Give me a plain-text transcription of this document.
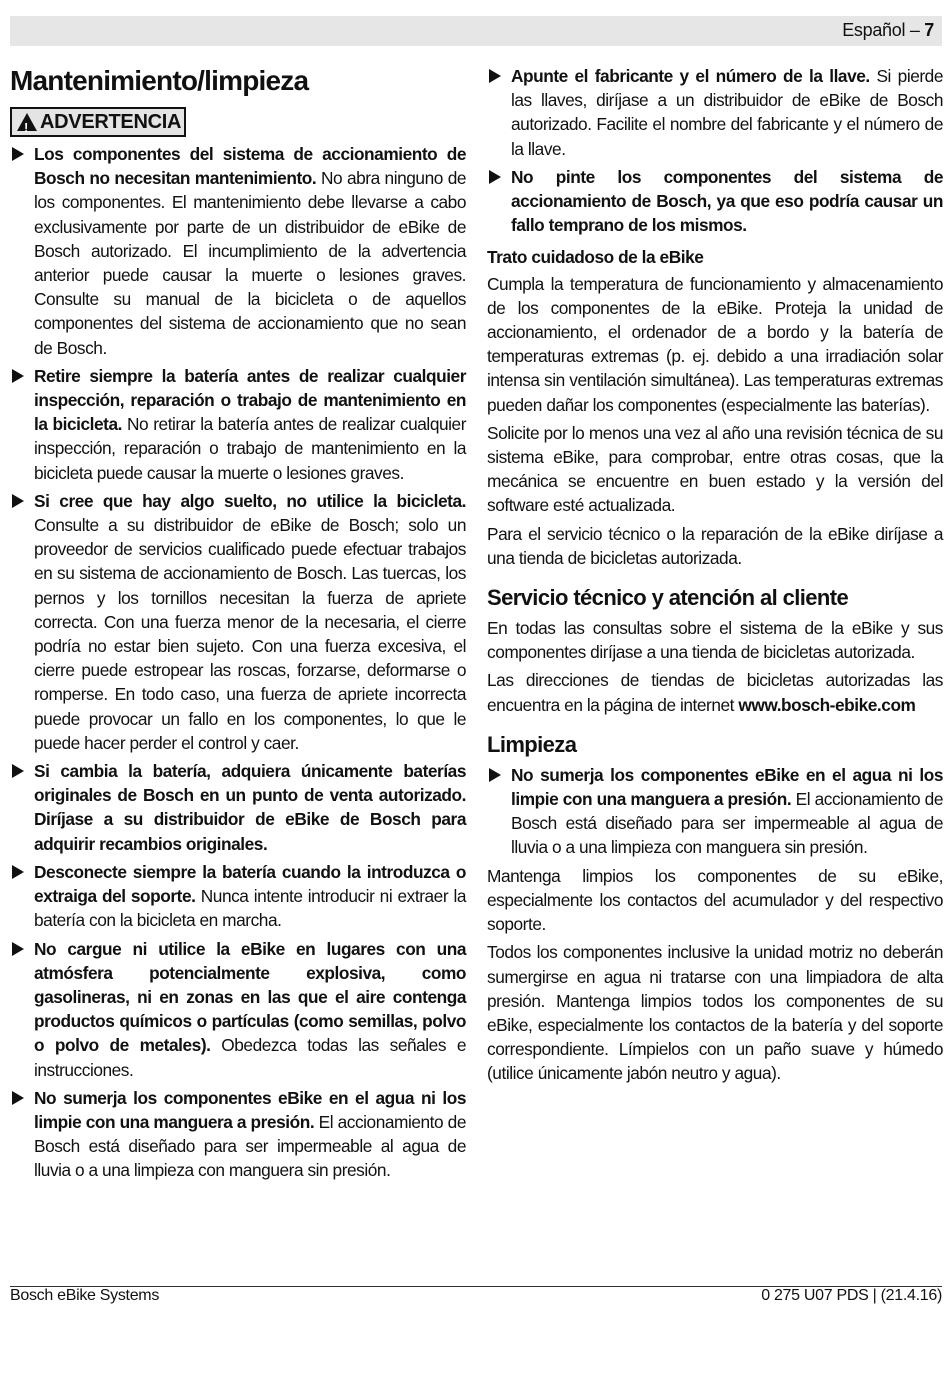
Español – 7
Mantenimiento/limpieza
!
ADVERTENCIA
Los componentes del sistema de accionamiento de Bosch no necesitan mantenimiento. No abra ninguno de los componentes. El mantenimiento debe llevarse a cabo exclusivamente por parte de un distribuidor de eBike de Bosch autorizado. El incumplimiento de la advertencia anterior puede causar la muerte o lesiones graves. Consulte su manual de la bicicleta o de aquellos componentes del sistema de accionamiento que no sean de Bosch.
Retire siempre la batería antes de realizar cualquier inspección, reparación o trabajo de mantenimiento en la bicicleta. No retirar la batería antes de realizar cualquier inspección, reparación o trabajo de mantenimiento en la bicicleta puede causar la muerte o lesiones graves.
Si cree que hay algo suelto, no utilice la bicicleta. Consulte a su distribuidor de eBike de Bosch; solo un proveedor de servicios cualificado puede efectuar trabajos en su sistema de accionamiento de Bosch. Las tuercas, los pernos y los tornillos necesitan la fuerza de apriete correcta. Con una fuerza menor de la necesaria, el cierre podría no estar bien sujeto. Con una fuerza excesiva, el cierre puede estropear las roscas, forzarse, deformarse o romperse. En todo caso, una fuerza de apriete incorrecta puede provocar un fallo en los componentes, lo que le puede hacer perder el control y caer.
Si cambia la batería, adquiera únicamente baterías originales de Bosch en un punto de venta autorizado. Diríjase a su distribuidor de eBike de Bosch para adquirir recambios originales.
Desconecte siempre la batería cuando la introduzca o extraiga del soporte. Nunca intente introducir ni extraer la batería con la bicicleta en marcha.
No cargue ni utilice la eBike en lugares con una atmósfera potencialmente explosiva, como gasolineras, ni en zonas en las que el aire contenga productos químicos o partículas (como semillas, polvo o polvo de metales). Obedezca todas las señales e instrucciones.
No sumerja los componentes eBike en el agua ni los limpie con una manguera a presión. El accionamiento de Bosch está diseñado para ser impermeable al agua de lluvia o a una limpieza con manguera sin presión.
Apunte el fabricante y el número de la llave. Si pierde las llaves, diríjase a un distribuidor de eBike de Bosch autorizado. Facilite el nombre del fabricante y el número de la llave.
No pinte los componentes del sistema de accionamiento de Bosch, ya que eso podría causar un fallo temprano de los mismos.
Trato cuidadoso de la eBike

Cumpla la temperatura de funcionamiento y almacenamiento de los componentes de la eBike. Proteja la unidad de accionamiento, el ordenador de a bordo y la batería de temperaturas extremas (p. ej. debido a una irradiación solar intensa sin ventilación simultánea). Las temperaturas extremas pueden dañar los componentes (especialmente las baterías).

Solicite por lo menos una vez al año una revisión técnica de su sistema eBike, para comprobar, entre otras cosas, que la mecánica se encuentre en buen estado y la versión del software esté actualizada.

Para el servicio técnico o la reparación de la eBike diríjase a una tienda de bicicletas autorizada.

Servicio técnico y atención al cliente

En todas las consultas sobre el sistema de la eBike y sus componentes diríjase a una tienda de bicicletas autorizada.

Las direcciones de tiendas de bicicletas autorizadas las encuentra en la página de internet www.bosch-ebike.com

Limpieza
No sumerja los componentes eBike en el agua ni los limpie con una manguera a presión. El accionamiento de Bosch está diseñado para ser impermeable al agua de lluvia o a una limpieza con manguera sin presión.

Mantenga limpios los componentes de su eBike, especialmente los contactos del acumulador y del respectivo soporte.

Todos los componentes inclusive la unidad motriz no deberán sumergirse en agua ni tratarse con una limpiadora de alta presión. Mantenga limpios todos los componentes de su eBike, especialmente los contactos de la batería y del soporte correspondiente. Límpielos con un paño suave y húmedo (utilice únicamente jabón neutro y agua).

Bosch eBike Systems	0 275 U07 PDS | (21.4.16)
